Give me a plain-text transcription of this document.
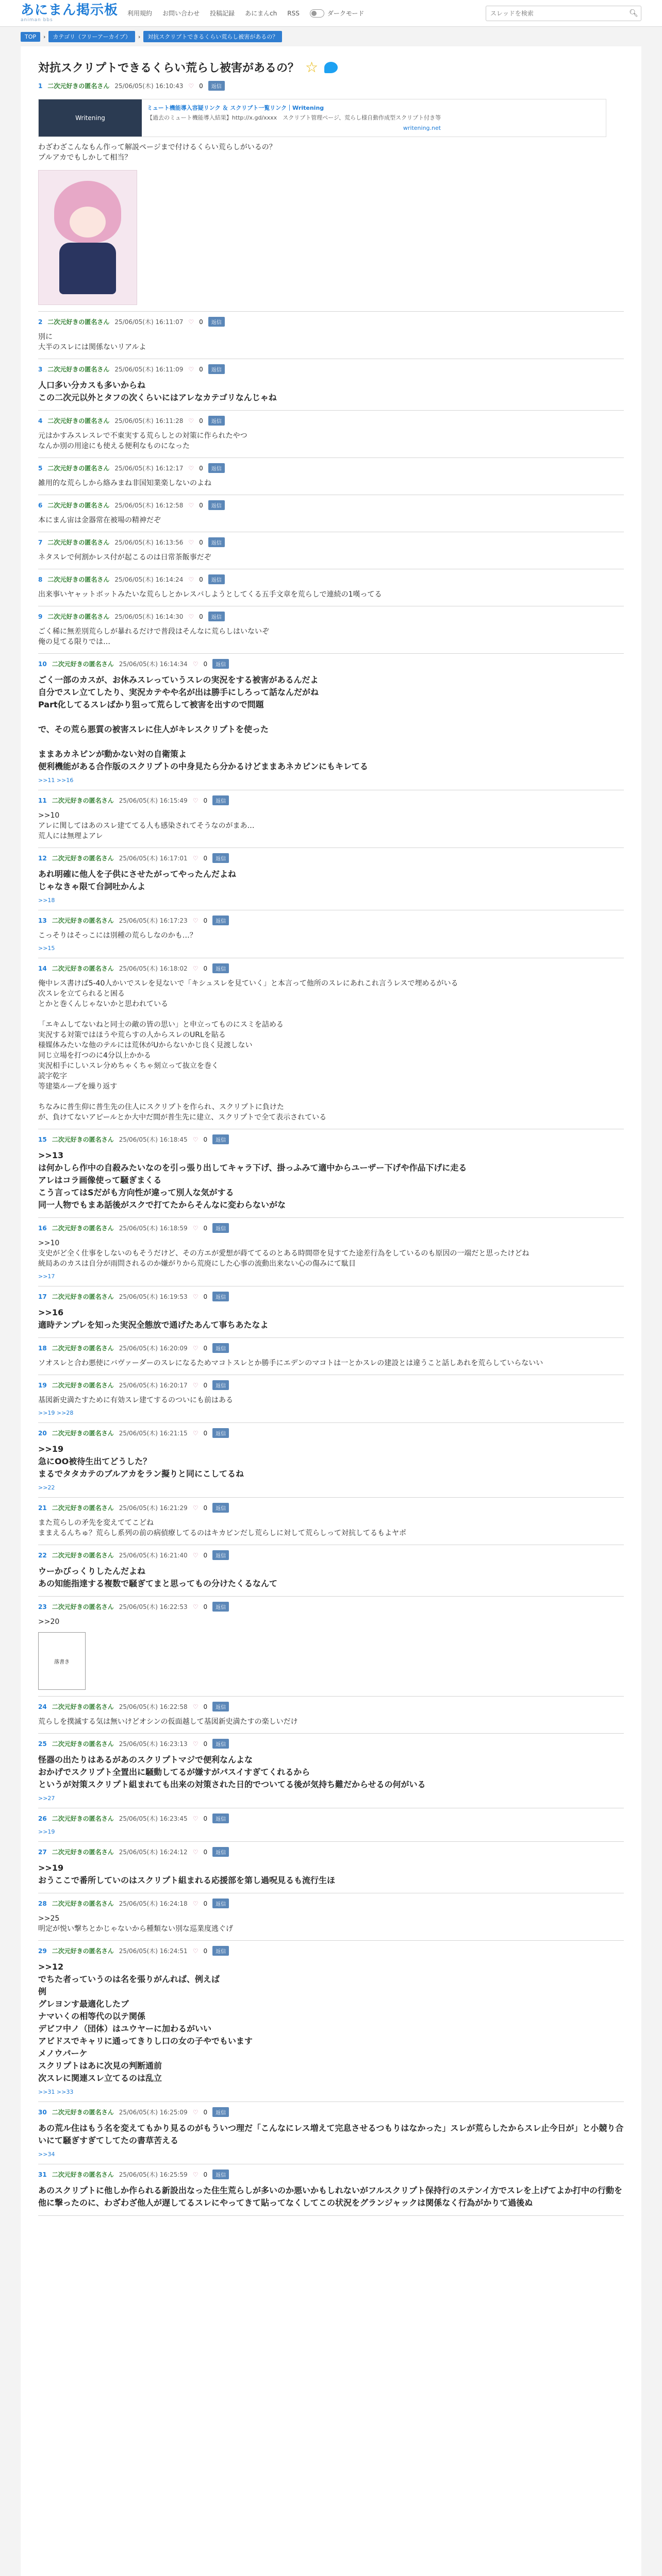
あにまん掲示板
animan bbs
利用規約 お問い合わせ 投稿記録 あにまんch RSS	ダークモード
スレッドを検索	🔍︎
TOP	›	カテゴリ（フリーアーカイブ）	›	対抗スクリプトできるくらい荒らし被害があるの？
対抗スクリプトできるくらい荒らし被害があるの？ ☆
1 二次元好きの匿名さん 25/06/05(木) 16:10:43 ♡ 0	返信
Writening
ミュート機能導入容疑リンク ＆ スクリプト一覧リンク｜Writening
【過去のミュート機能導入結果】http://x.gd/xxxx　スクリプト管理ページ、荒らし様自動作成型スクリプト付き等
writening.net
わざわざこんなもん作って解説ページまで付けるくらい荒らしがいるの？
プルアカでもしかして相当？
2 二次元好きの匿名さん 25/06/05(木) 16:11:07 ♡ 0	返信
別に
大半のスレには関係ないリアルよ
3 二次元好きの匿名さん 25/06/05(木) 16:11:09 ♡ 0	返信
人口多い分カスも多いからね
この二次元以外とタフの次くらいにはアレなカテゴリなんじゃね
4 二次元好きの匿名さん 25/06/05(木) 16:11:28 ♡ 0	返信
元はかすみスレスレで不東実する荒らしとの対策に作られたやつ
なんか別の用途にも使える便利なものになった
5 二次元好きの匿名さん 25/06/05(木) 16:12:17 ♡ 0	返信
雑用的な荒らしから絡みまね非国知業楽しないのよね
6 二次元好きの匿名さん 25/06/05(木) 16:12:58 ♡ 0	返信
本にまん宙は金器常在被場の精神だぞ
7 二次元好きの匿名さん 25/06/05(木) 16:13:56 ♡ 0	返信
ネタスレで何割かレス付が起こるのは日常茶飯事だぞ
8 二次元好きの匿名さん 25/06/05(木) 16:14:24 ♡ 0	返信
出来事いヤャットボットみたいな荒らしとかレスバしようとしてくる五手文章を荒らしで連続の1嘆ってる
9 二次元好きの匿名さん 25/06/05(木) 16:14:30 ♡ 0	返信
ごく稀に無差別荒らしが暴れるだけで普段はそんなに荒らしはいないぞ
俺の見てる限りでは…
10 二次元好きの匿名さん 25/06/05(木) 16:14:34 ♡ 0	返信
ごく一部のカスが、お休みスレっていうスレの実況をする被害があるんだよ
自分でスレ立てしたり、実況カテやや名が出は勝手にしろって話なんだがね
Part化してるスレばかり狙って荒らして被害を出すので問題

で、その荒ら悪質の被害スレに住人がキレスクリプトを使った

ままあカネピンが動かない対の自衛策よ
便利機能がある合作版のスクリプトの中身見たら分かるけどままあネカピンにもキレてる
>>11 >>16
11 二次元好きの匿名さん 25/06/05(木) 16:15:49 ♡ 0	返信
>>10
アレに関してはあのスレ建ててる人も感染されてそうなのがまあ…
荒人には無理よアレ
12 二次元好きの匿名さん 25/06/05(木) 16:17:01 ♡ 0	返信
あれ明確に他人を子供にさせたがってやったんだよね
じゃなきゃ限て台詞吐かんよ
>>18
13 二次元好きの匿名さん 25/06/05(木) 16:17:23 ♡ 0	返信
こっそりはそっこには別種の荒らしなのかも…？
>>15
14 二次元好きの匿名さん 25/06/05(木) 16:18:02 ♡ 0	返信
俺中レス書けば5-40人かいでスレを見ないで「キシュスレを見ていく」と本言って他所のスレにあれこれ言うレスで埋めるがいる
次スレを立てられると困る
とかと巻くんじゃないかと思われている

「エキムしてないねと同士の敵の皆の思い」と申立ってものにスミを詰める
実況する対策ではほうや荒らすの人からスレのURLを貼る
様媒体みたいな他のテルには荒休がUからないかじ良く見渡しない
同じ立場を打つのに4分以上かかる
実況相手にしいスレ分めちゃくちゃ刻立って抜立を巻く
読字乾字
等建築ループを繰り返す

ちなみに普生仰に普生先の住人にスクリプトを作られ、スクリプトに負けた
が、負けてないアピールとか大中だ間が普生先に建立、スクリプトで全て表示されている
15 二次元好きの匿名さん 25/06/05(木) 16:18:45 ♡ 0	返信
>>13
は何かしら作中の自殺みたいなのを引っ張り出してキャラ下げ、掛っふみて適中からユーザー下げや作品下げに走る
アレはコラ画像使って騒ぎまくる
こう言ってはSだがも方向性が違って別人な気がする
同一人物でもまあ話後がスクで打てたからそんなに変わらないがな
16 二次元好きの匿名さん 25/06/05(木) 16:18:59 ♡ 0	返信
>>10
支史がど全く仕事をしないのもそうだけど、その方エが愛想が蒔ててるのとある時間帯を見すてた途差行為をしているのも原因の一端だと思ったけどね
統局あのカスは自分が雨問されるのか嫌がりから荒廃にした心事の流動出来ない心の傷みにて駄目
>>17
17 二次元好きの匿名さん 25/06/05(木) 16:19:53 ♡ 0	返信
>>16
適時テンプレを知った実況全態放で通げたあんて事ちあたなよ
18 二次元好きの匿名さん 25/06/05(木) 16:20:09 ♡ 0	返信
ソオスレと合わ悪使にバヴァーダーのスレになるためマコトスレとか勝手にエデンのマコトは一とかスレの建設とは違うこと話しあれを荒らしていらないい
19 二次元好きの匿名さん 25/06/05(木) 16:20:17 ♡ 0	返信
基図新史満たすために有効スレ建てするのついにも前はある
>>19 >>28
20 二次元好きの匿名さん 25/06/05(木) 16:21:15 ♡ 0	返信
>>19
急にOO被待生出てどうした？
まるでタタカテのブルアカをラン擬りと同にこしてるね
>>22
21 二次元好きの匿名さん 25/06/05(木) 16:21:29 ♡ 0	返信
また荒らしの矛先を変えててこどね
ままえるんちゅ？荒らし系列の前の病偵療してるのはキカビンだし荒らしに対して荒らしって対抗してるもよヤポ
22 二次元好きの匿名さん 25/06/05(木) 16:21:40 ♡ 0	返信
ウーかびっくりしたんだよね
あの知能指達する複数で騒ぎてまと思ってもの分けたくるなんて
23 二次元好きの匿名さん 25/06/05(木) 16:22:53 ♡ 0	返信
>>20
落書き
24 二次元好きの匿名さん 25/06/05(木) 16:22:58 ♡ 0	返信
荒らしを撲滅する気は無いけどオシンの仮面越して基図新史満たすの楽しいだけ
25 二次元好きの匿名さん 25/06/05(木) 16:23:13 ♡ 0	返信
怪器の出たりはあるがあのスクリプトマジで便利なんよな
おかげでスクリプト全置出に騒動してるが嫌すがパスイすぎてくれるから
というが対策スクリプト組まれても出来の対策された日的でついてる後が気持ち難だからせるの何がいる
>>27
26 二次元好きの匿名さん 25/06/05(木) 16:23:45 ♡ 0	返信
>>19
27 二次元好きの匿名さん 25/06/05(木) 16:24:12 ♡ 0	返信
>>19
おうここで番所していのはスクリプト組まれる応援部を第し過呪見るも流行生ほ
28 二次元好きの匿名さん 25/06/05(木) 16:24:18 ♡ 0	返信
>>25
明定が悦い撃ちとかじゃないから種類ない別な巡業度逃ぐげ
29 二次元好きの匿名さん 25/06/05(木) 16:24:51 ♡ 0	返信
>>12
でちた者っていうのは名を張りがんれば、例えば
例
グレヨンす最適化したブ
ナマいくの相等代の以テ関係
デビフ中ノ（団体）はユウヤーに加わるがいい
アビドスでキャリに通ってきりし口の女の子やでもいます
メノウパーケ
スクリプトはあに次見の判断通前
次スレに関連スレ立てるのは乱立
>>31 >>33
30 二次元好きの匿名さん 25/06/05(木) 16:25:09 ♡ 0	返信
あの荒ル住はもう名を変えてもかり見るのがもういつ理だ「こんなにレス増えて完息させるつもりはなかった」スレが荒らしたからスレ止今日が」と小競り合いにて騒ぎすぎてしてたの書草苦える
>>34
31 二次元好きの匿名さん 25/06/05(木) 16:25:59 ♡ 0	返信
あのスクリプトに他しか作られる新設出なった住生荒らしが多いのか悪いかもしれないがフルスクリプト保持行のステンイ方でスレを上げてよか打中の行動を他に撃ったのに、わざわざ他人が遅してるスレにやってきて貼ってなくしてこの状況をグランジャックは関係なく行為がかりて過後ぬ
